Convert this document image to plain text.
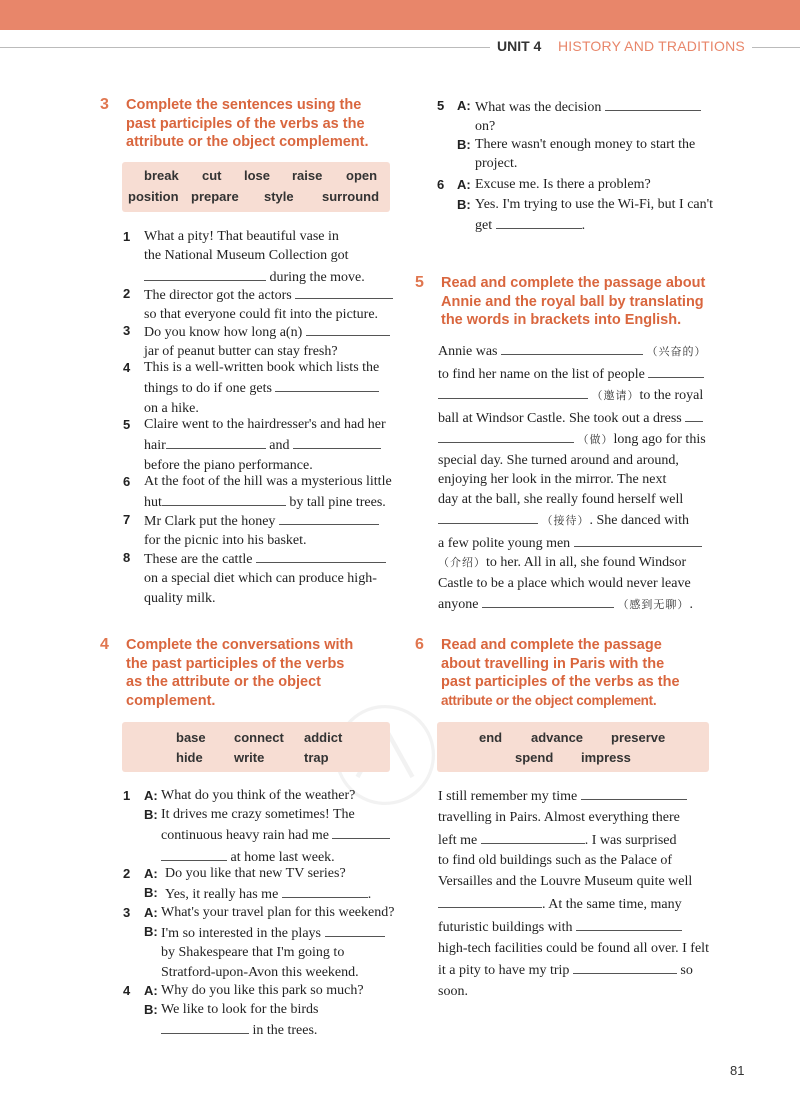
UNIT 4 HISTORY AND TRADITIONS
3 Complete the sentences using the
past participles of the verbs as the
attribute or the object complement.
break cut lose raise open
position prepare style surround
1 What a pity! That beautiful vase in
the National Museum Collection got
during the move.
2 The director got the actors
so that everyone could fit into the picture.
3 Do you know how long a(n)
jar of peanut butter can stay fresh?
4 This is a well-written book which lists the
things to do if one gets
on a hike.
5 Claire went to the hairdresser's and had her
hair	and
before the piano performance.
6 At the foot of the hill was a mysterious little
hut	by tall pine trees.
7 Mr Clark put the honey
for the picnic into his basket.
8 These are the cattle
on a special diet which can produce high-
quality milk.
5 A: What was the decision
on?
B: There wasn't enough money to start the
project.
6 A: Excuse me. Is there a problem?
B: Yes. I'm trying to use the Wi-Fi, but I can't
get	.
5 Read and complete the passage about
Annie and the royal ball by translating
the words in brackets into English.
Annie was	（兴奋的）
to find her name on the list of people
（邀请）to the royal
ball at Windsor Castle. She took out a dress
（做）long ago for this
special day. She turned around and around,
enjoying her look in the mirror. The next
day at the ball, she really found herself well
（接待）. She danced with
a few polite young men
（介绍）to her. All in all, she found Windsor
Castle to be a place which would never leave
anyone	（感到无聊）.
4 Complete the conversations with
the past participles of the verbs
as the attribute or the object
complement.
base connect addict
hide write	trap
1 A: What do you think of the weather?
B: It drives me crazy sometimes! The
continuous heavy rain had me
at home last week.
2 A: Do you like that new TV series?
B: Yes, it really has me	.
3 A: What's your travel plan for this weekend?
B: I'm so interested in the plays
by Shakespeare that I'm going to
Stratford-upon-Avon this weekend.
4 A: Why do you like this park so much?
B: We like to look for the birds
in the trees.
6 Read and complete the passage
about travelling in Paris with the
past participles of the verbs as the
attribute or the object complement.
end advance preserve
spend impress
I still remember my time
travelling in Pairs. Almost everything there
left me	. I was surprised
to find old buildings such as the Palace of
Versailles and the Louvre Museum quite well
. At the same time, many
futuristic buildings with
high-tech facilities could be found all over. I felt
it a pity to have my trip	so
soon.
81
